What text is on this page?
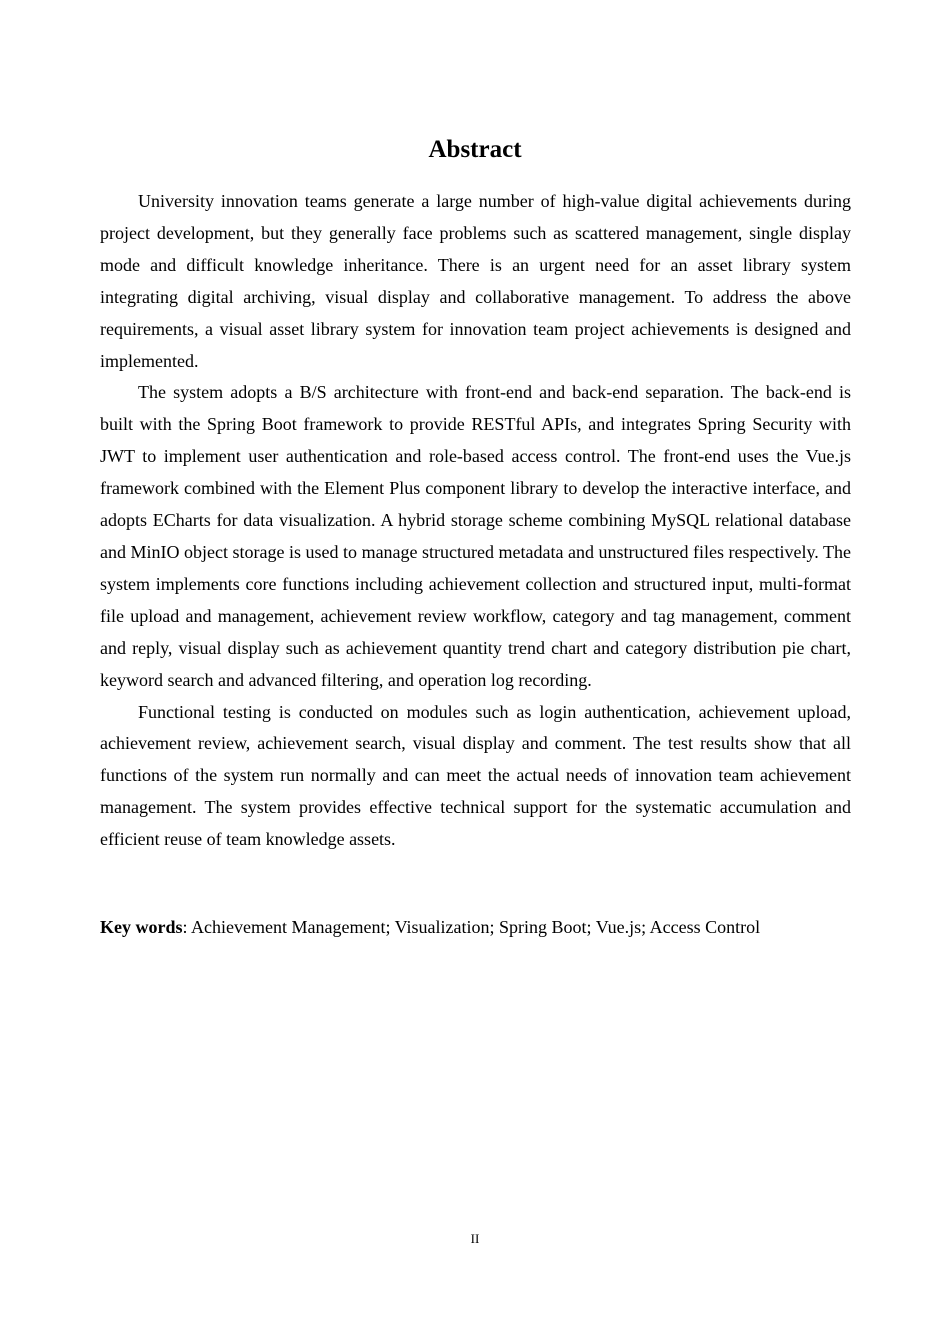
Abstract

University innovation teams generate a large number of high-value digital achievements during project development, but they generally face problems such as scattered management, single display mode and difficult knowledge inheritance. There is an urgent need for an asset library system integrating digital archiving, visual display and collaborative management. To address the above requirements, a visual asset library system for innovation team project achievements is designed and implemented.

The system adopts a B/S architecture with front-end and back-end separation. The back-end is built with the Spring Boot framework to provide RESTful APIs, and integrates Spring Security with JWT to implement user authentication and role-based access control. The front-end uses the Vue.js framework combined with the Element Plus component library to develop the interactive interface, and adopts ECharts for data visualization. A hybrid storage scheme combining MySQL relational database and MinIO object storage is used to manage structured metadata and unstructured files respectively. The system implements core functions including achievement collection and structured input, multi-format file upload and management, achievement review workflow, category and tag management, comment and reply, visual display such as achievement quantity trend chart and category distribution pie chart, keyword search and advanced filtering, and operation log recording.

Functional testing is conducted on modules such as login authentication, achievement upload, achievement review, achievement search, visual display and comment. The test results show that all functions of the system run normally and can meet the actual needs of innovation team achievement management. The system provides effective technical support for the systematic accumulation and efficient reuse of team knowledge assets.

Key words: Achievement Management; Visualization; Spring Boot; Vue.js; Access Control

II
